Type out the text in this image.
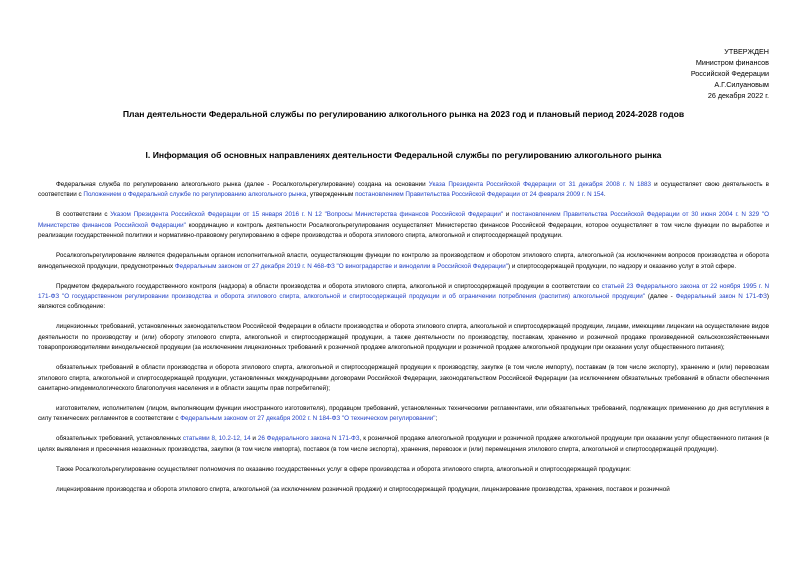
УТВЕРЖДЕН
Министром финансов
Российской Федерации
А.Г.Силуановым
26 декабря 2022 г.
План деятельности Федеральной службы по регулированию алкогольного рынка на 2023 год и плановый период 2024-2028 годов
I. Информация об основных направлениях деятельности Федеральной службы по регулированию алкогольного рынка

Федеральная служба по регулированию алкогольного рынка (далее - Росалкогольрегулирование) создана на основании Указа Президента Российской Федерации от 31 декабря 2008 г. N 1883 и осуществляет свою деятельность в соответствии с Положением о Федеральной службе по регулированию алкогольного рынка, утвержденным постановлением Правительства Российской Федерации от 24 февраля 2009 г. N 154.

В соответствии с Указом Президента Российской Федерации от 15 января 2016 г. N 12 "Вопросы Министерства финансов Российской Федерации" и постановлением Правительства Российской Федерации от 30 июня 2004 г. N 329 "О Министерстве финансов Российской Федерации" координацию и контроль деятельности Росалкогольрегулирования осуществляет Министерство финансов Российской Федерации, которое осуществляет в том числе функции по выработке и реализации государственной политики и нормативно-правовому регулированию в сфере производства и оборота этилового спирта, алкогольной и спиртосодержащей продукции.

Росалкогольрегулирование является федеральным органом исполнительной власти, осуществляющим функции по контролю за производством и оборотом этилового спирта, алкогольной (за исключением вопросов производства и оборота винодельческой продукции, предусмотренных Федеральным законом от 27 декабря 2019 г. N 468-ФЗ "О виноградарстве и виноделии в Российской Федерации") и спиртосодержащей продукции, по надзору и оказанию услуг в этой сфере.

Предметом федерального государственного контроля (надзора) в области производства и оборота этилового спирта, алкогольной и спиртосодержащей продукции в соответствии со статьей 23 Федерального закона от 22 ноября 1995 г. N 171-ФЗ "О государственном регулировании производства и оборота этилового спирта, алкогольной и спиртосодержащей продукции и об ограничении потребления (распития) алкогольной продукции" (далее - Федеральный закон N 171-ФЗ) являются соблюдение:

лицензионных требований, установленных законодательством Российской Федерации в области производства и оборота этилового спирта, алкогольной и спиртосодержащей продукции, лицами, имеющими лицензии на осуществление видов деятельности по производству и (или) обороту этилового спирта, алкогольной и спиртосодержащей продукции, а также деятельности по производству, поставкам, хранению и розничной продаже произведенной сельскохозяйственными товаропроизводителями винодельческой продукции (за исключением лицензионных требований к розничной продаже алкогольной продукции и розничной продаже алкогольной продукции при оказании услуг общественного питания);

обязательных требований в области производства и оборота этилового спирта, алкогольной и спиртосодержащей продукции к производству, закупке (в том числе импорту), поставкам (в том числе экспорту), хранению и (или) перевозкам этилового спирта, алкогольной и спиртосодержащей продукции, установленных международными договорами Российской Федерации, законодательством Российской Федерации (за исключением обязательных требований в области обеспечения санитарно-эпидемиологического благополучия населения и в области защиты прав потребителей);

изготовителем, исполнителем (лицом, выполняющим функции иностранного изготовителя), продавцом требований, установленных техническими регламентами, или обязательных требований, подлежащих применению до дня вступления в силу технических регламентов в соответствии с Федеральным законом от 27 декабря 2002 г. N 184-ФЗ "О техническом регулировании";

обязательных требований, установленных статьями 8, 10.2-12, 14 и 26 Федерального закона N 171-ФЗ, к розничной продаже алкогольной продукции и розничной продаже алкогольной продукции при оказании услуг общественного питания (в целях выявления и пресечения незаконных производства, закупки (в том числе импорта), поставок (в том числе экспорта), хранения, перевозок и (или) перемещения этилового спирта, алкогольной и спиртосодержащей продукции).

Также Росалкогольрегулирование осуществляет полномочия по оказанию государственных услуг в сфере производства и оборота этилового спирта, алкогольной и спиртосодержащей продукции:

лицензирование производства и оборота этилового спирта, алкогольной (за исключением розничной продажи) и спиртосодержащей продукции, лицензирование производства, хранения, поставок и розничной
